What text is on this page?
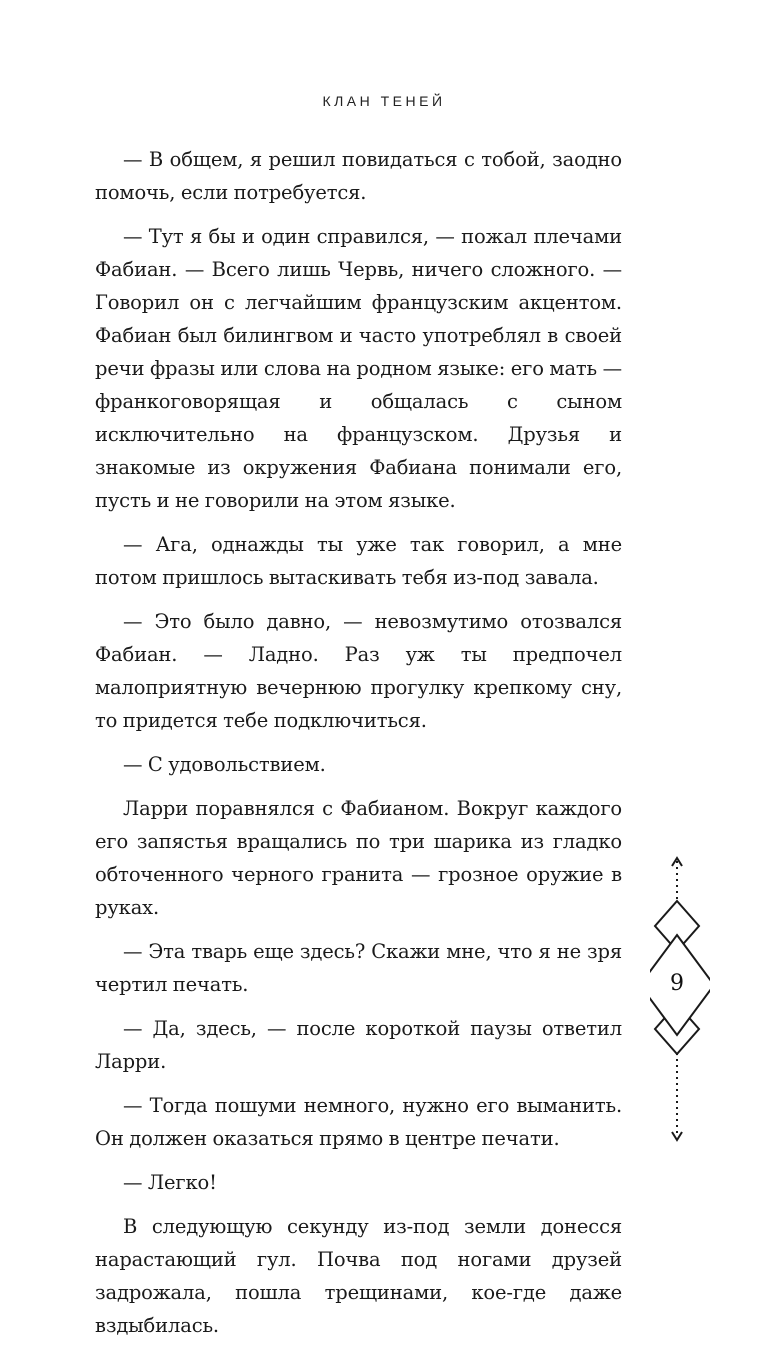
КЛАН ТЕНЕЙ

— В общем, я решил повидаться с тобой, заодно помочь, если потребуется.

— Тут я бы и один справился, — пожал плечами Фабиан. — Всего лишь Червь, ничего сложного. — Говорил он с легчайшим французским акцентом. Фабиан был билингвом и часто употреблял в своей речи фразы или слова на родном языке: его мать — франкоговорящая и общалась с сыном исключительно на французском. Друзья и знакомые из окружения Фабиана понимали его, пусть и не говорили на этом языке.

— Ага, однажды ты уже так говорил, а мне потом пришлось вытаскивать тебя из-под завала.

— Это было давно, — невозмутимо отозвался Фабиан. — Ладно. Раз уж ты предпочел малоприятную вечернюю прогулку крепкому сну, то придется тебе подключиться.

— С удовольствием.

Ларри поравнялся с Фабианом. Вокруг каждого его запястья вращались по три шарика из гладко обточенного черного гранита — грозное оружие в руках.

— Эта тварь еще здесь? Скажи мне, что я не зря чертил печать.

— Да, здесь, — после короткой паузы ответил Ларри.

— Тогда пошуми немного, нужно его выманить. Он должен оказаться прямо в центре печати.

— Легко!

В следующую секунду из-под земли донесся нарастающий гул. Почва под ногами друзей задрожала, пошла трещинами, кое-где даже вздыбилась.

9
